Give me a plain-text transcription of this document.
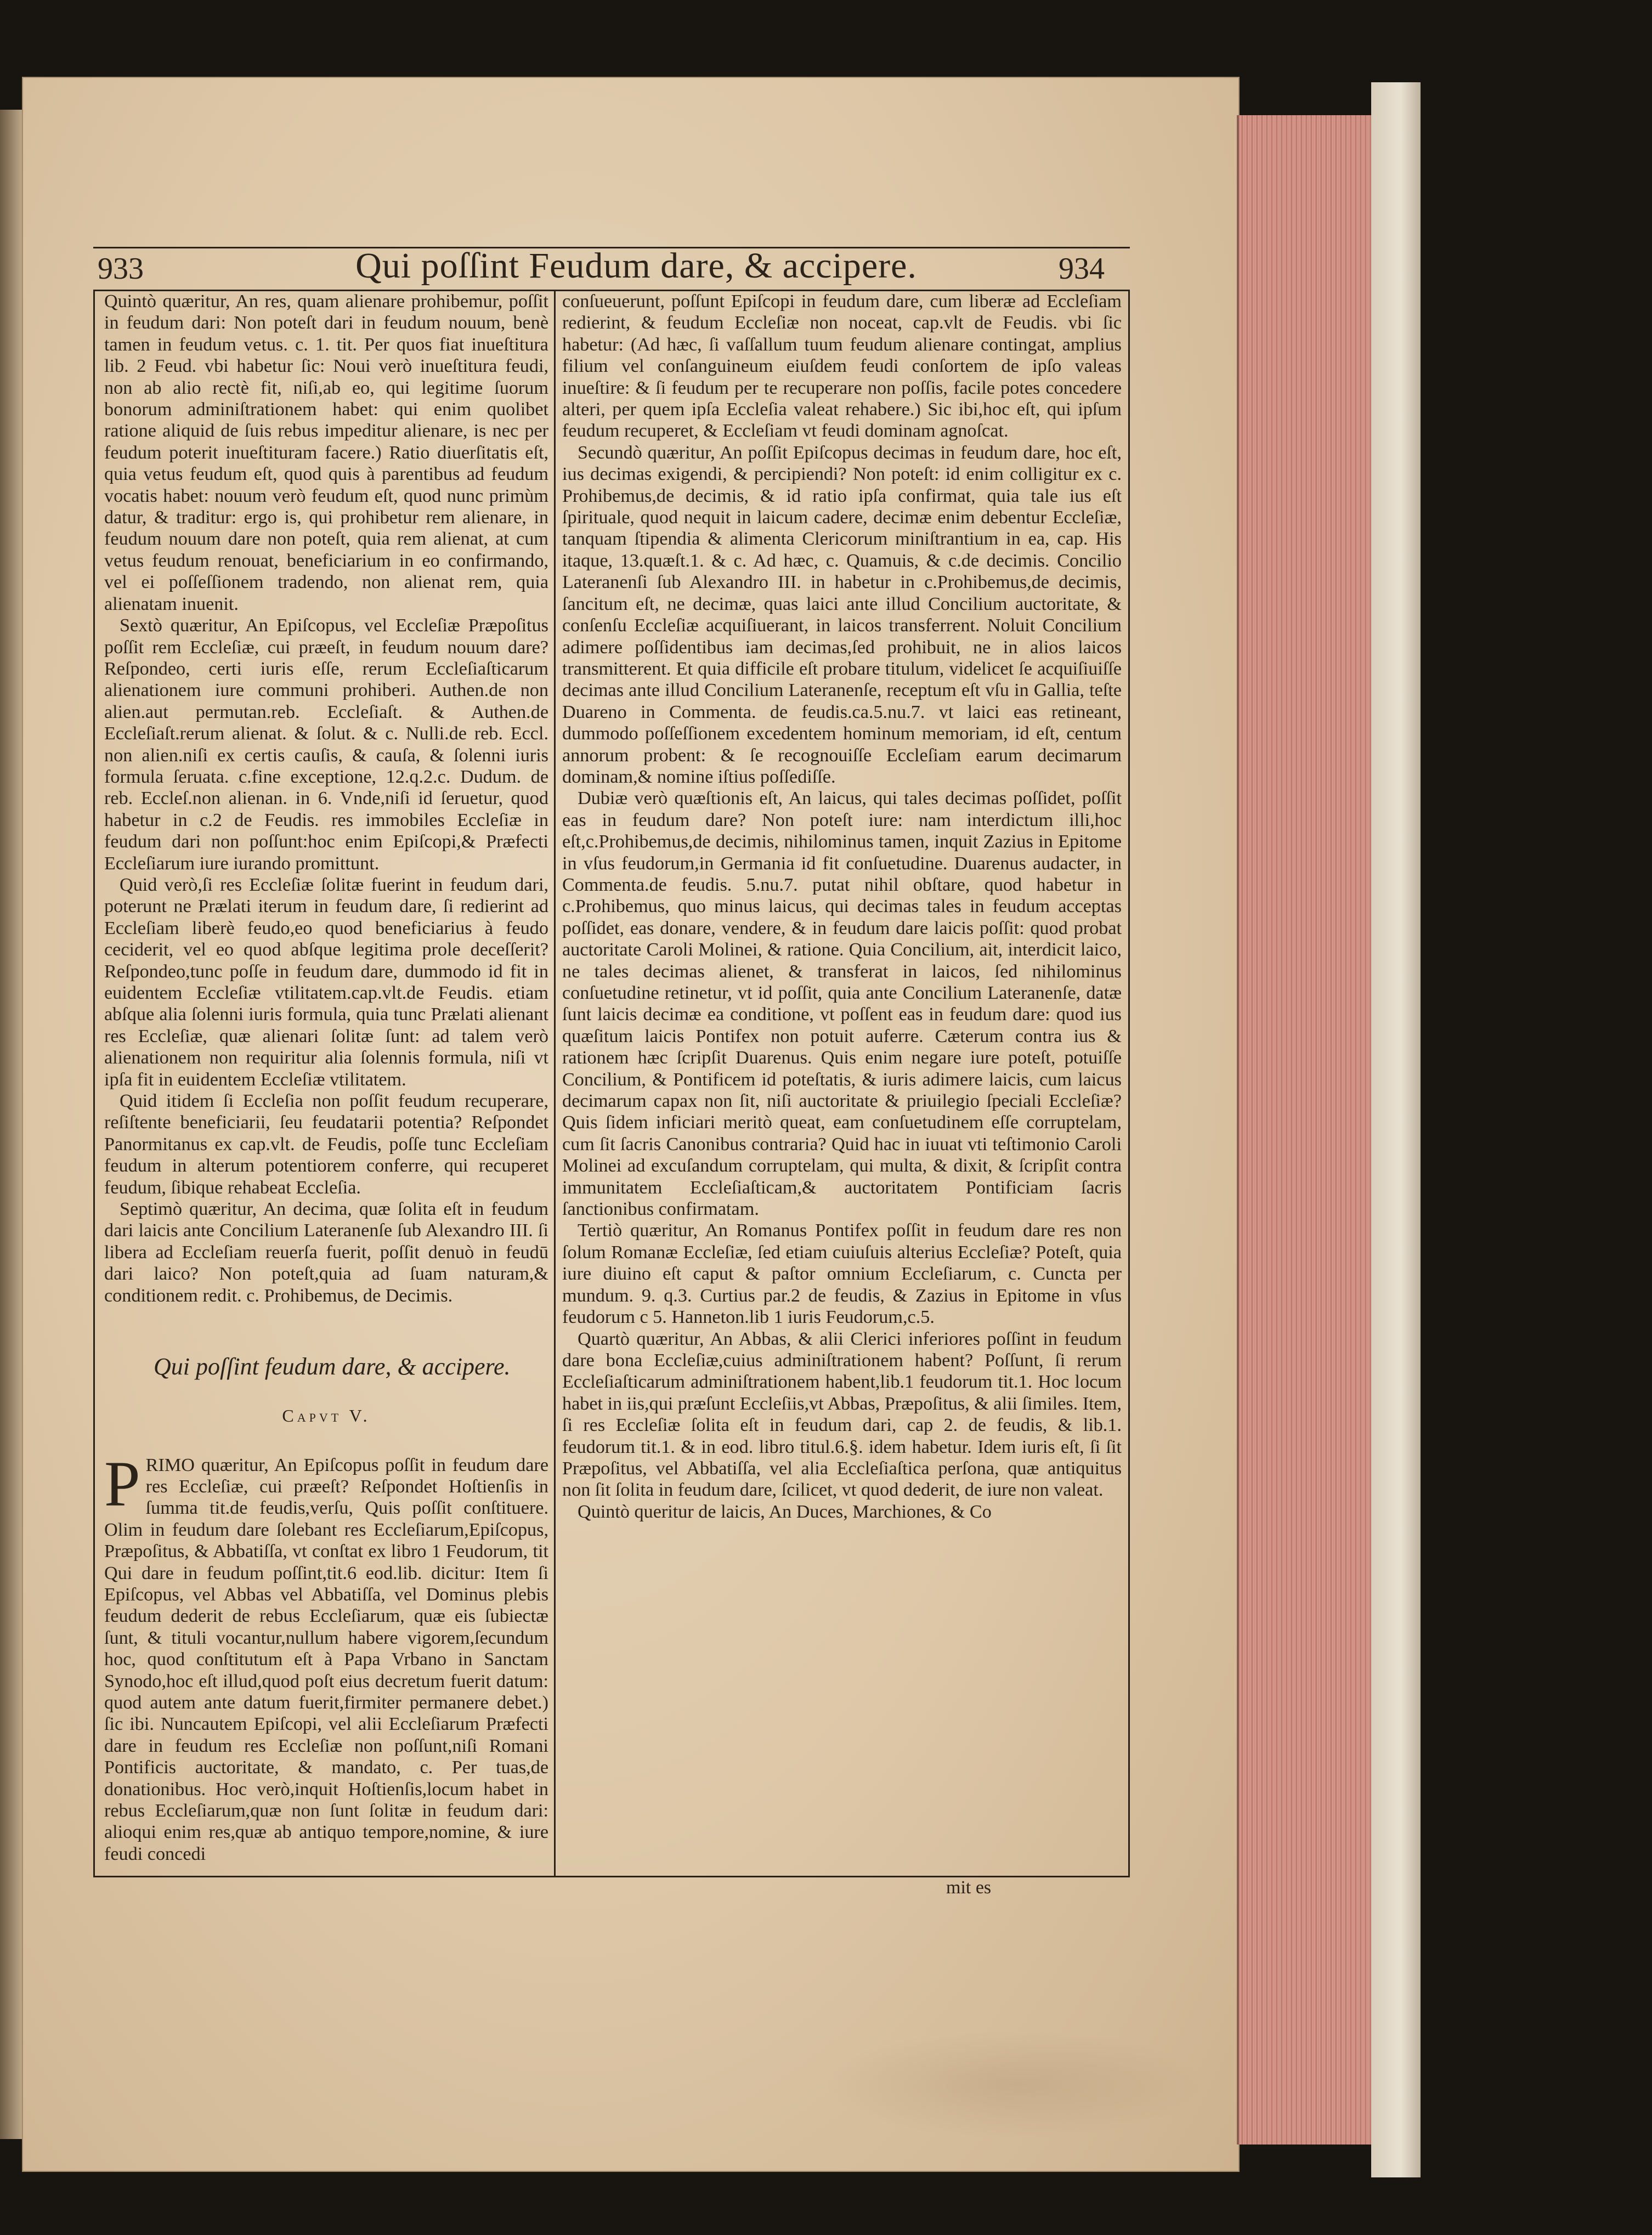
933	Qui poſſint Feudum dare, & accipere.	934

Quintò quæritur, An res, quam alienare prohibemur, poſſit in feudum dari: Non poteſt dari in feudum nouum, benè tamen in feudum vetus. c. 1. tit. Per quos fiat inueſtitura lib. 2 Feud. vbi habetur ſic: Noui verò inueſtitura feudi, non ab alio rectè fit, niſi,ab eo, qui legitime ſuorum bonorum adminiſtrationem habet: qui enim quolibet ratione aliquid de ſuis rebus impeditur alienare, is nec per feudum poterit inueſtituram facere.) Ratio diuerſitatis eſt, quia vetus feudum eſt, quod quis à parentibus ad feudum vocatis habet: nouum verò feudum eſt, quod nunc primùm datur, & traditur: ergo is, qui prohibetur rem alienare, in feudum nouum dare non poteſt, quia rem alienat, at cum vetus feudum renouat, beneficiarium in eo confirmando, vel ei poſſeſſionem tradendo, non alienat rem, quia alienatam inuenit.

Sextò quæritur, An Epiſcopus, vel Eccleſiæ Præpoſitus poſſit rem Eccleſiæ, cui præeſt, in feudum nouum dare? Reſpondeo, certi iuris eſſe, rerum Eccleſiaſticarum alienationem iure communi prohiberi. Authen.de non alien.aut permutan.reb. Eccleſiaſt. & Authen.de Eccleſiaſt.rerum alienat. & ſolut. & c. Nulli.de reb. Eccl. non alien.niſi ex certis cauſis, & cauſa, & ſolenni iuris formula ſeruata. c.fine exceptione, 12.q.2.c. Dudum. de reb. Eccleſ.non alienan. in 6. Vnde,niſi id ſeruetur, quod habetur in c.2 de Feudis. res immobiles Eccleſiæ in feudum dari non poſſunt:hoc enim Epiſcopi,& Præfecti Eccleſiarum iure iurando promittunt.

Quid verò,ſi res Eccleſiæ ſolitæ fuerint in feudum dari, poterunt ne Prælati iterum in feudum dare, ſi redierint ad Eccleſiam liberè feudo,eo quod beneficiarius à feudo ceciderit, vel eo quod abſque legitima prole deceſſerit? Reſpondeo,tunc poſſe in feudum dare, dummodo id fit in euidentem Eccleſiæ vtilitatem.cap.vlt.de Feudis. etiam abſque alia ſolenni iuris formula, quia tunc Prælati alienant res Eccleſiæ, quæ alienari ſolitæ ſunt: ad talem verò alienationem non requiritur alia ſolennis formula, niſi vt ipſa fit in euidentem Eccleſiæ vtilitatem.

Quid itidem ſi Eccleſia non poſſit feudum recuperare, reſiſtente beneficiarii, ſeu feudatarii potentia? Reſpondet Panormitanus ex cap.vlt. de Feudis, poſſe tunc Eccleſiam feudum in alterum potentiorem conferre, qui recuperet feudum, ſibique rehabeat Eccleſia.

Septimò quæritur, An decima, quæ ſolita eſt in feudum dari laicis ante Concilium Lateranenſe ſub Alexandro III. ſi libera ad Eccleſiam reuerſa fuerit, poſſit denuò in feudū dari laico? Non poteſt,quia ad ſuam naturam,& conditionem redit. c. Prohibemus, de Decimis.

Qui poſſint feudum dare, & accipere.

Capvt V.

PRIMO quæritur, An Epiſcopus poſſit in feudum dare res Eccleſiæ, cui præeſt? Reſpondet Hoſtienſis in ſumma tit.de feudis,verſu, Quis poſſit conſtituere. Olim in feudum dare ſolebant res Eccleſiarum,Epiſcopus, Præpoſitus, & Abbatiſſa, vt conſtat ex libro 1 Feudorum, tit Qui dare in feudum poſſint,tit.6 eod.lib. dicitur: Item ſi Epiſcopus, vel Abbas vel Abbatiſſa, vel Dominus plebis feudum dederit de rebus Eccleſiarum, quæ eis ſubiectæ ſunt, & tituli vocantur,nullum habere vigorem,ſecundum hoc, quod conſtitutum eſt à Papa Vrbano in Sanctam Synodo,hoc eſt illud,quod poſt eius decretum fuerit datum: quod autem ante datum fuerit,firmiter permanere debet.) ſic ibi. Nuncautem Epiſcopi, vel alii Eccleſiarum Præfecti dare in feudum res Eccleſiæ non poſſunt,niſi Romani Pontificis auctoritate, & mandato, c. Per tuas,de donationibus. Hoc verò,inquit Hoſtienſis,locum habet in rebus Eccleſiarum,quæ non ſunt ſolitæ in feudum dari: alioqui enim res,quæ ab antiquo tempore,nomine, & iure feudi concedi

conſueuerunt, poſſunt Epiſcopi in feudum dare, cum liberæ ad Eccleſiam redierint, & feudum Eccleſiæ non noceat, cap.vlt de Feudis. vbi ſic habetur: (Ad hæc, ſi vaſſallum tuum feudum alienare contingat, amplius filium vel conſanguineum eiuſdem feudi conſortem de ipſo valeas inueſtire: & ſi feudum per te recuperare non poſſis, facile potes concedere alteri, per quem ipſa Eccleſia valeat rehabere.) Sic ibi,hoc eſt, qui ipſum feudum recuperet, & Eccleſiam vt feudi dominam agnoſcat.

Secundò quæritur, An poſſit Epiſcopus decimas in feudum dare, hoc eſt, ius decimas exigendi, & percipiendi? Non poteſt: id enim colligitur ex c. Prohibemus,de decimis, & id ratio ipſa confirmat, quia tale ius eſt ſpirituale, quod nequit in laicum cadere, decimæ enim debentur Eccleſiæ, tanquam ſtipendia & alimenta Clericorum miniſtrantium in ea, cap. His itaque, 13.quæſt.1. & c. Ad hæc, c. Quamuis, & c.de decimis. Concilio Lateranenſi ſub Alexandro III. in habetur in c.Prohibemus,de decimis, ſancitum eſt, ne decimæ, quas laici ante illud Concilium auctoritate, & conſenſu Eccleſiæ acquiſiuerant, in laicos transferrent. Noluit Concilium adimere poſſidentibus iam decimas,ſed prohibuit, ne in alios laicos transmitterent. Et quia difficile eſt probare titulum, videlicet ſe acquiſiuiſſe decimas ante illud Concilium Lateranenſe, receptum eſt vſu in Gallia, teſte Duareno in Commenta. de feudis.ca.5.nu.7. vt laici eas retineant, dummodo poſſeſſionem excedentem hominum memoriam, id eſt, centum annorum probent: & ſe recognouiſſe Eccleſiam earum decimarum dominam,& nomine iſtius poſſediſſe.

Dubiæ verò quæſtionis eſt, An laicus, qui tales decimas poſſidet, poſſit eas in feudum dare? Non poteſt iure: nam interdictum illi,hoc eſt,c.Prohibemus,de decimis, nihilominus tamen, inquit Zazius in Epitome in vſus feudorum,in Germania id fit conſuetudine. Duarenus audacter, in Commenta.de feudis. 5.nu.7. putat nihil obſtare, quod habetur in c.Prohibemus, quo minus laicus, qui decimas tales in feudum acceptas poſſidet, eas donare, vendere, & in feudum dare laicis poſſit: quod probat auctoritate Caroli Molinei, & ratione. Quia Concilium, ait, interdicit laico, ne tales decimas alienet, & transferat in laicos, ſed nihilominus conſuetudine retinetur, vt id poſſit, quia ante Concilium Lateranenſe, datæ ſunt laicis decimæ ea conditione, vt poſſent eas in feudum dare: quod ius quæſitum laicis Pontifex non potuit auferre. Cæterum contra ius & rationem hæc ſcripſit Duarenus. Quis enim negare iure poteſt, potuiſſe Concilium, & Pontificem id poteſtatis, & iuris adimere laicis, cum laicus decimarum capax non ſit, niſi auctoritate & priuilegio ſpeciali Eccleſiæ? Quis ſidem inficiari meritò queat, eam conſuetudinem eſſe corruptelam, cum ſit ſacris Canonibus contraria? Quid hac in iuuat vti teſtimonio Caroli Molinei ad excuſandum corruptelam, qui multa, & dixit, & ſcripſit contra immunitatem Eccleſiaſticam,& auctoritatem Pontificiam ſacris ſanctionibus confirmatam.

Tertiò quæritur, An Romanus Pontifex poſſit in feudum dare res non ſolum Romanæ Eccleſiæ, ſed etiam cuiuſuis alterius Eccleſiæ? Poteſt, quia iure diuino eſt caput & paſtor omnium Eccleſiarum, c. Cuncta per mundum. 9. q.3. Curtius par.2 de feudis, & Zazius in Epitome in vſus feudorum c 5. Hanneton.lib 1 iuris Feudorum,c.5.

Quartò quæritur, An Abbas, & alii Clerici inferiores poſſint in feudum dare bona Eccleſiæ,cuius adminiſtrationem habent? Poſſunt, ſi rerum Eccleſiaſticarum adminiſtrationem habent,lib.1 feudorum tit.1. Hoc locum habet in iis,qui præſunt Eccleſiis,vt Abbas, Præpoſitus, & alii ſimiles. Item, ſi res Eccleſiæ ſolita eſt in feudum dari, cap 2. de feudis, & lib.1. feudorum tit.1. & in eod. libro titul.6.§. idem habetur. Idem iuris eſt, ſi ſit Præpoſitus, vel Abbatiſſa, vel alia Eccleſiaſtica perſona, quæ antiquitus non ſit ſolita in feudum dare, ſcilicet, vt quod dederit, de iure non valeat.

Quintò queritur de laicis, An Duces, Marchiones, & Co

mit es
